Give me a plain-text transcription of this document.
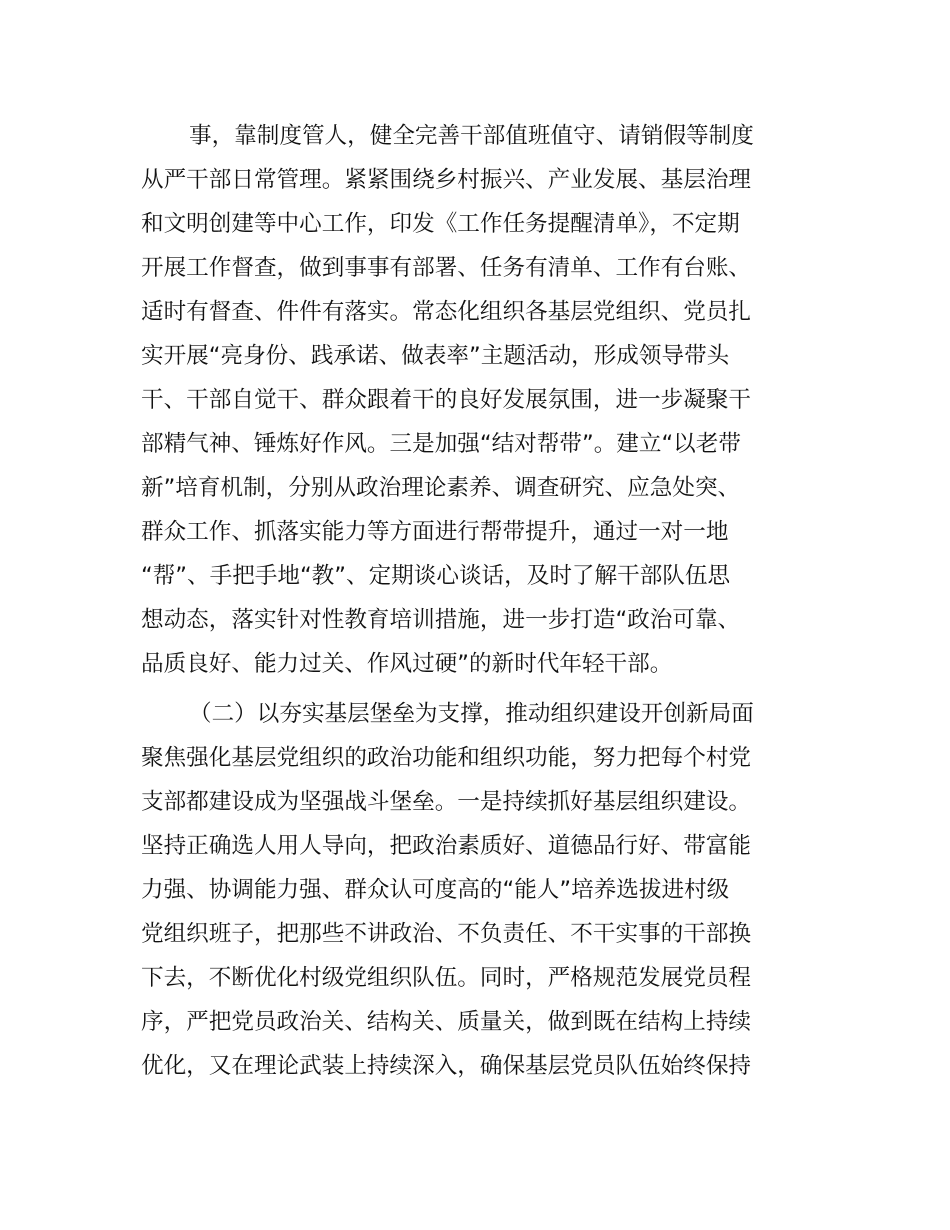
事，靠制度管人，健全完善干部值班值守、请销假等制度
从严干部日常管理。紧紧围绕乡村振兴、产业发展、基层治理
和文明创建等中心工作，印发《工作任务提醒清单》，不定期
开展工作督查，做到事事有部署、任务有清单、工作有台账、
适时有督查、件件有落实。常态化组织各基层党组织、党员扎
实开展“亮身份、践承诺、做表率”主题活动，形成领导带头
干、干部自觉干、群众跟着干的良好发展氛围，进一步凝聚干
部精气神、锤炼好作风。三是加强“结对帮带”。建立“以老带
新”培育机制，分别从政治理论素养、调查研究、应急处突、
群众工作、抓落实能力等方面进行帮带提升，通过一对一地
“帮”、手把手地“教”、定期谈心谈话，及时了解干部队伍思
想动态，落实针对性教育培训措施，进一步打造“政治可靠、
品质良好、能力过关、作风过硬”的新时代年轻干部。
（二）以夯实基层堡垒为支撑，推动组织建设开创新局面
聚焦强化基层党组织的政治功能和组织功能，努力把每个村党
支部都建设成为坚强战斗堡垒。一是持续抓好基层组织建设。
坚持正确选人用人导向，把政治素质好、道德品行好、带富能
力强、协调能力强、群众认可度高的“能人”培养选拔进村级
党组织班子，把那些不讲政治、不负责任、不干实事的干部换
下去，不断优化村级党组织队伍。同时，严格规范发展党员程
序，严把党员政治关、结构关、质量关，做到既在结构上持续
优化，又在理论武装上持续深入，确保基层党员队伍始终保持
